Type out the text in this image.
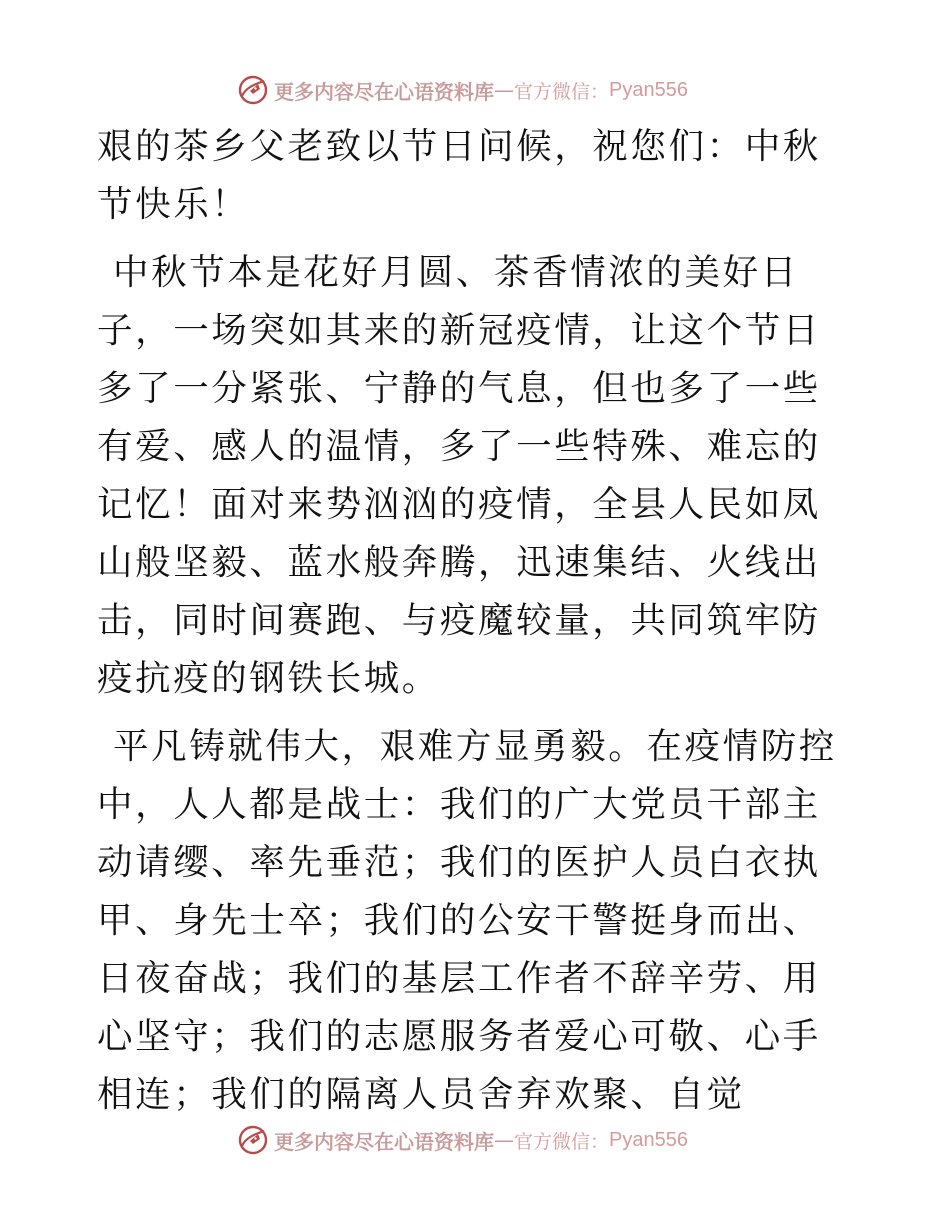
更多内容尽在心语资料库 — 官方微信： Pyan556

艰的茶乡父老致以节日问候，祝您们：中秋节快乐！

中秋节本是花好月圆、茶香情浓的美好日子，一场突如其来的新冠疫情，让这个节日多了一分紧张、宁静的气息，但也多了一些有爱、感人的温情，多了一些特殊、难忘的记忆！面对来势汹汹的疫情，全县人民如凤山般坚毅、蓝水般奔腾，迅速集结、火线出击，同时间赛跑、与疫魔较量，共同筑牢防疫抗疫的钢铁长城。

平凡铸就伟大，艰难方显勇毅。在疫情防控中，人人都是战士：我们的广大党员干部主动请缨、率先垂范；我们的医护人员白衣执甲、身先士卒；我们的公安干警挺身而出、日夜奋战；我们的基层工作者不辞辛劳、用心坚守；我们的志愿服务者爱心可敬、心手相连；我们的隔离人员舍弃欢聚、自觉

更多内容尽在心语资料库 — 官方微信： Pyan556
